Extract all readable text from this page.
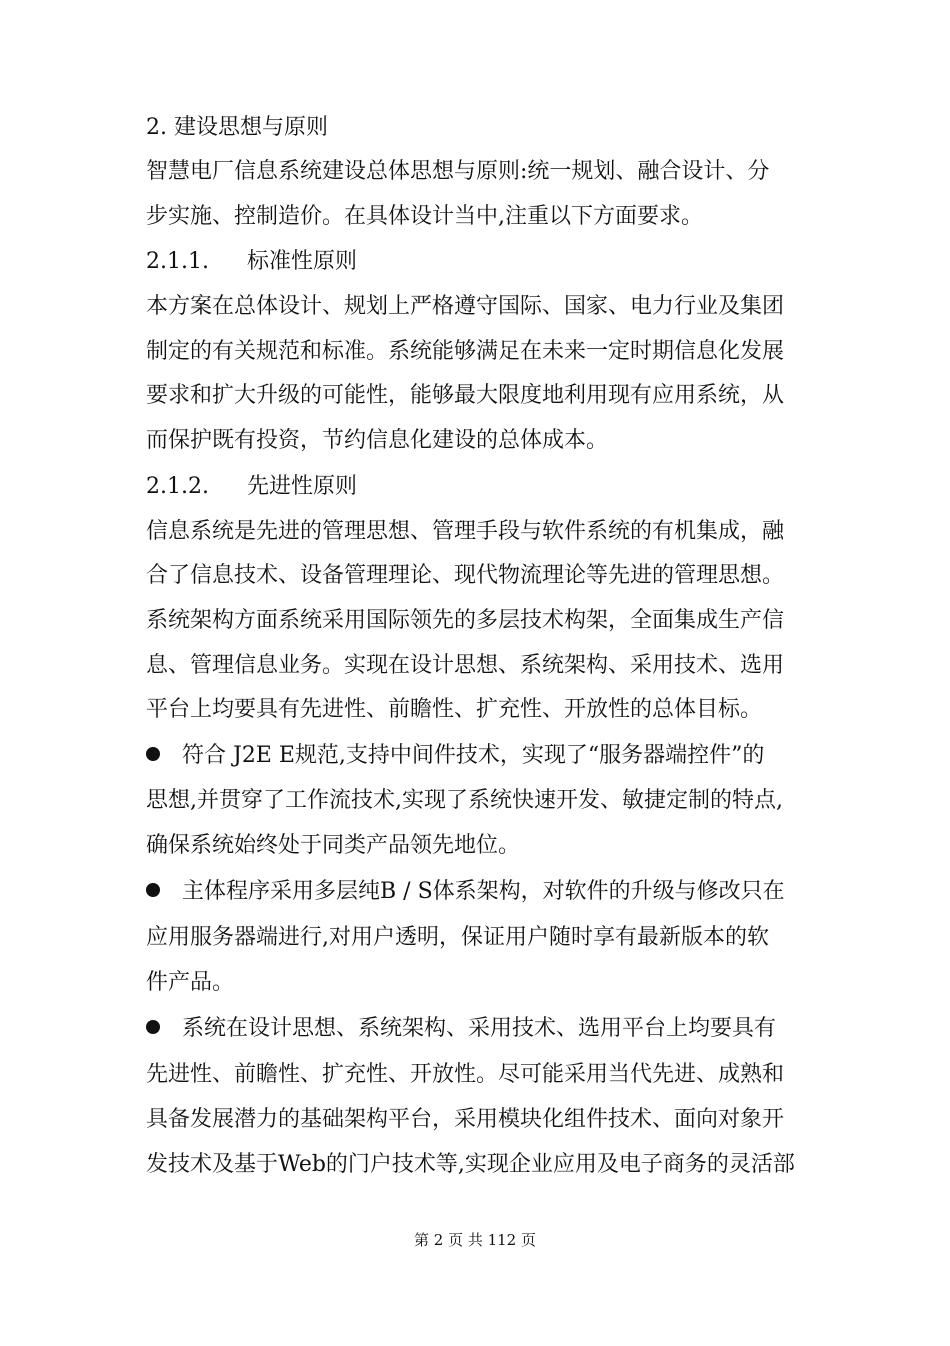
2. 建设思想与原则
智慧电厂信息系统建设总体思想与原则:统一规划、融合设计、分
步实施、控制造价。在具体设计当中,注重以下方面要求。
2.1.1. 标准性原则
本方案在总体设计、规划上严格遵守国际、国家、电力行业及集团
制定的有关规范和标准。系统能够满足在未来一定时期信息化发展
要求和扩大升级的可能性，能够最大限度地利用现有应用系统，从
而保护既有投资，节约信息化建设的总体成本。
2.1.2. 先进性原则
信息系统是先进的管理思想、管理手段与软件系统的有机集成，融
合了信息技术、设备管理理论、现代物流理论等先进的管理思想。
系统架构方面系统采用国际领先的多层技术构架，全面集成生产信
息、管理信息业务。实现在设计思想、系统架构、采用技术、选用
平台上均要具有先进性、前瞻性、扩充性、开放性的总体目标。
符合 J2E E规范,支持中间件技术，实现了“服务器端控件”的
思想,并贯穿了工作流技术,实现了系统快速开发、敏捷定制的特点,
确保系统始终处于同类产品领先地位。
主体程序采用多层纯B / S体系架构，对软件的升级与修改只在
应用服务器端进行,对用户透明，保证用户随时享有最新版本的软
件产品。
系统在设计思想、系统架构、采用技术、选用平台上均要具有
先进性、前瞻性、扩充性、开放性。尽可能采用当代先进、成熟和
具备发展潜力的基础架构平台，采用模块化组件技术、面向对象开
发技术及基于Web的门户技术等,实现企业应用及电子商务的灵活部
第 2 页 共 112 页
